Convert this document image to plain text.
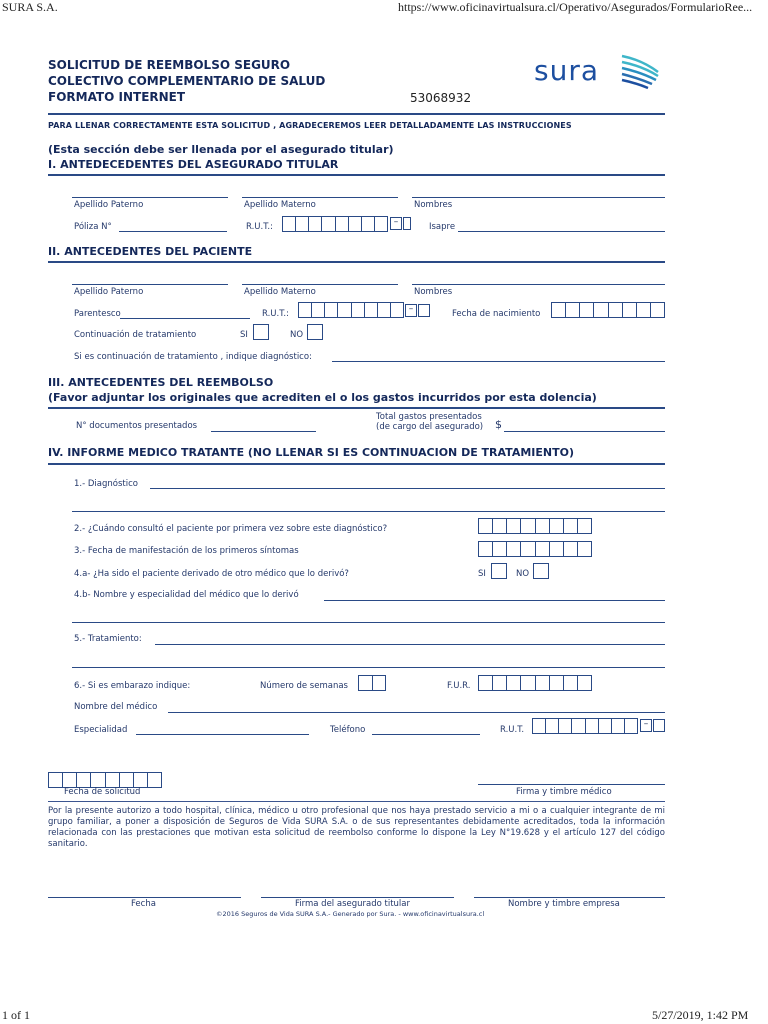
SURA S.A.	https://www.oficinavirtualsura.cl/Operativo/Asegurados/FormularioRee...
1 of 1	5/27/2019, 1:42 PM
SOLICITUD DE REEMBOLSO SEGURO
COLECTIVO COMPLEMENTARIO DE SALUD
FORMATO INTERNET	53068932
sura
PARA LLENAR CORRECTAMENTE ESTA SOLICITUD , AGRADECEREMOS LEER DETALLADAMENTE LAS INSTRUCCIONES
(Esta sección debe ser llenada por el asegurado titular)
I. ANTEDECEDENTES DEL ASEGURADO TITULAR
Apellido Paterno	Apellido Materno	Nombres
Póliza N°	R.U.T.:	–	Isapre
II. ANTECEDENTES DEL PACIENTE
Apellido Paterno	Apellido Materno	Nombres
Parentesco	R.U.T.:	–	Fecha de nacimiento
Continuación de tratamiento	SI	NO
Si es continuación de tratamiento , indique diagnóstico:
III. ANTECEDENTES DEL REEMBOLSO
(Favor adjuntar los originales que acrediten el o los gastos incurridos por esta dolencia)
N° documentos presentados
Total gastos presentados
(de cargo del asegurado) $
IV. INFORME MEDICO TRATANTE (NO LLENAR SI ES CONTINUACION DE TRATAMIENTO)
1.- Diagnóstico
2.- ¿Cuándo consultó el paciente por primera vez sobre este diagnóstico?
3.- Fecha de manifestación de los primeros síntomas
4.a- ¿Ha sido el paciente derivado de otro médico que lo derivó?	SI	NO
4.b- Nombre y especialidad del médico que lo derivó
5.- Tratamiento:
6.- Si es embarazo indique:	Número de semanas	F.U.R.
Nombre del médico
Especialidad	Teléfono	R.U.T.
–
Fecha de solicitud	Firma y timbre médico
Por la presente autorizo a todo hospital, clínica, médico u otro profesional que nos haya prestado servicio a mi o a cualquier integrante de mi grupo familiar, a poner a disposición de Seguros de Vida SURA S.A. o de sus representantes debidamente acreditados, toda la información relacionada con las prestaciones que motivan esta solicitud de reembolso conforme lo dispone la Ley N°19.628 y el artículo 127 del código sanitario.
Fecha	Firma del asegurado titular	Nombre y timbre empresa
©2016 Seguros de Vida SURA S.A.- Generado por Sura. - www.oficinavirtualsura.cl
